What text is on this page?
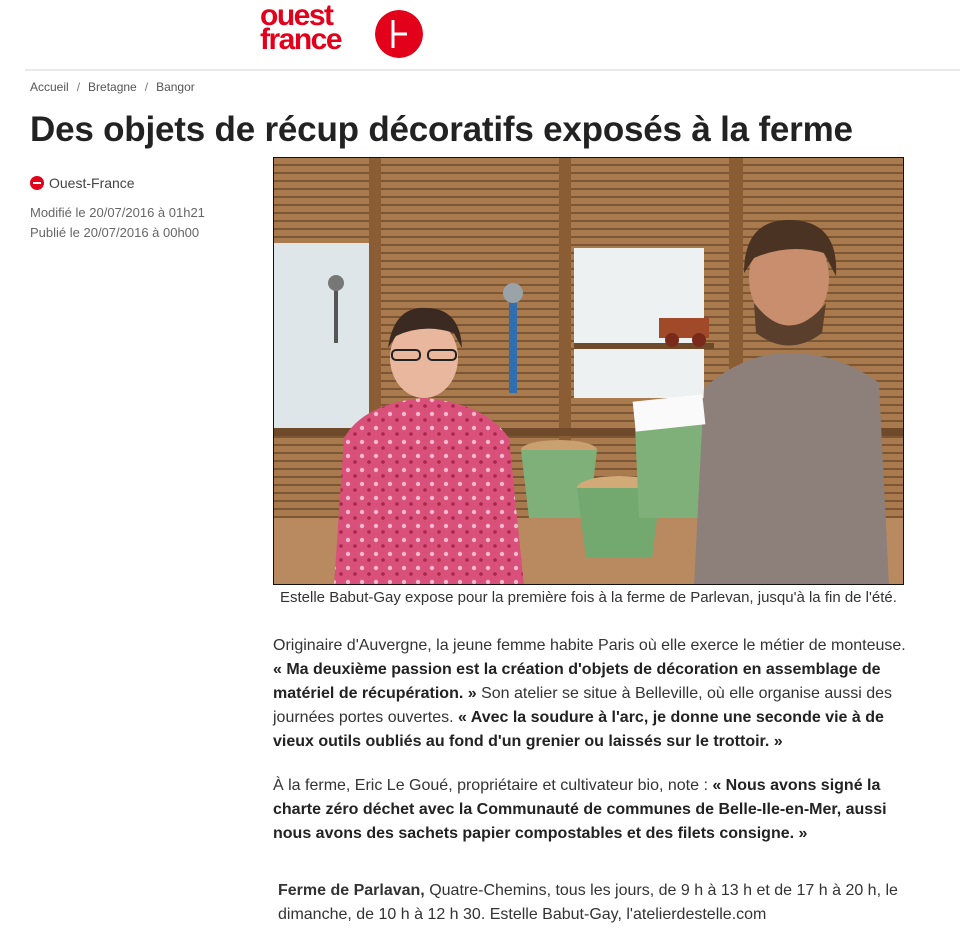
ouest
france
Accueil / Bretagne / Bangor
Des objets de récup décoratifs exposés à la ferme
Ouest-France
Modifié le 20/07/2016 à 01h21
Publié le 20/07/2016 à 00h00
Estelle Babut-Gay expose pour la première fois à la ferme de Parlevan, jusqu'à la fin de l'été.

Originaire d'Auvergne, la jeune femme habite Paris où elle exerce le métier de monteuse. « Ma deuxième passion est la création d'objets de décoration en assemblage de matériel de récupération. » Son atelier se situe à Belleville, où elle organise aussi des journées portes ouvertes. « Avec la soudure à l'arc, je donne une seconde vie à de vieux outils oubliés au fond d'un grenier ou laissés sur le trottoir. »

À la ferme, Eric Le Goué, propriétaire et cultivateur bio, note : « Nous avons signé la charte zéro déchet avec la Communauté de communes de Belle-Ile-en-Mer, aussi nous avons des sachets papier compostables et des filets consigne. »

Ferme de Parlavan, Quatre-Chemins, tous les jours, de 9 h à 13 h et de 17 h à 20 h, le dimanche, de 10 h à 12 h 30. Estelle Babut-Gay, l'atelierdestelle.com
